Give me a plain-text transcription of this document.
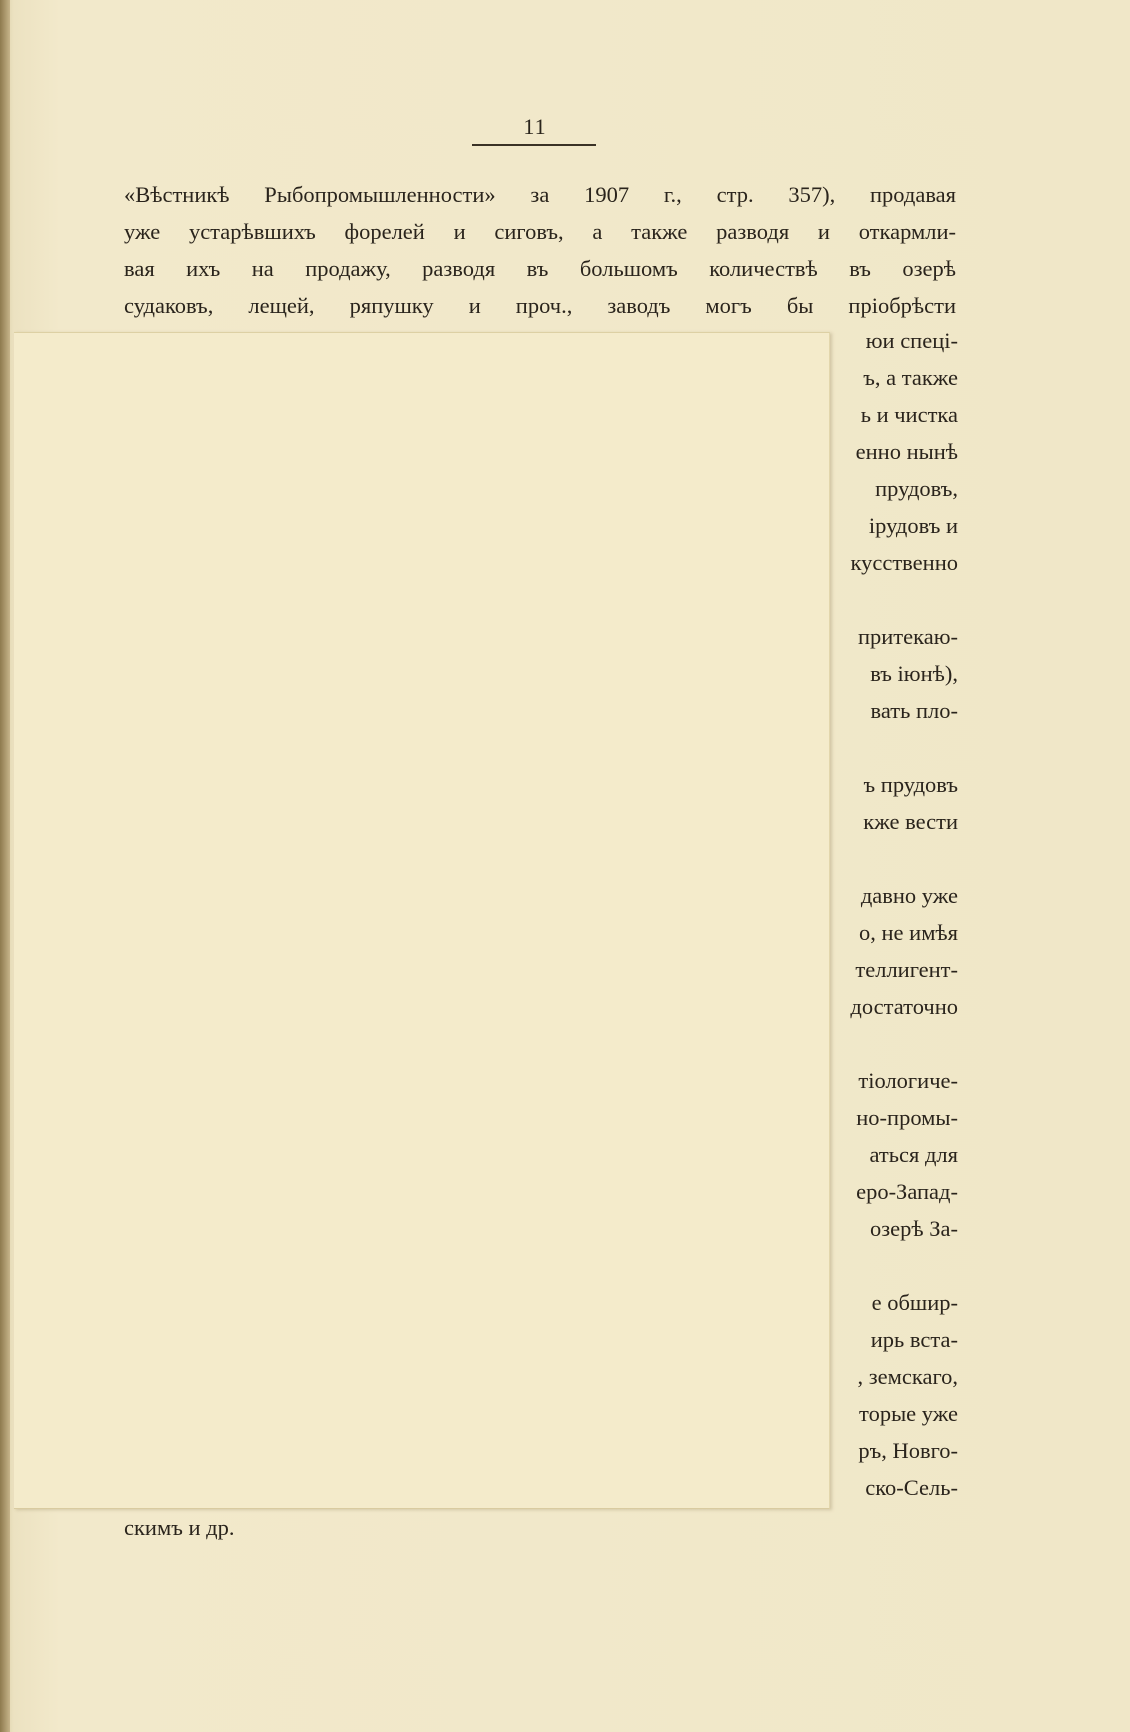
11
«Вѣстникѣ Рыбопромышленности» за 1907 г., стр. 357), продавая
уже устарѣвшихъ форелей и сиговъ, а также разводя и откармли-
вая ихъ на продажу, разводя въ большомъ количествѣ въ озерѣ
судаковъ, лещей, ряпушку и проч., заводъ могъ бы пріобрѣсти
юи спеці-
ъ, а также
ь и чистка
енно нынѣ
прудовъ,
ірудовъ и
кусственно
притекаю-
въ іюнѣ),
вать пло-
ъ прудовъ
кже вести
давно уже
о, не имѣя
теллигент-
достаточно
тіологиче-
но-промы-
аться для
еро-Запад-
озерѣ За-
е обшир-
ирь вста-
, земскаго,
торые уже
ръ, Новго-
ско-Сель-
скимъ и др.
